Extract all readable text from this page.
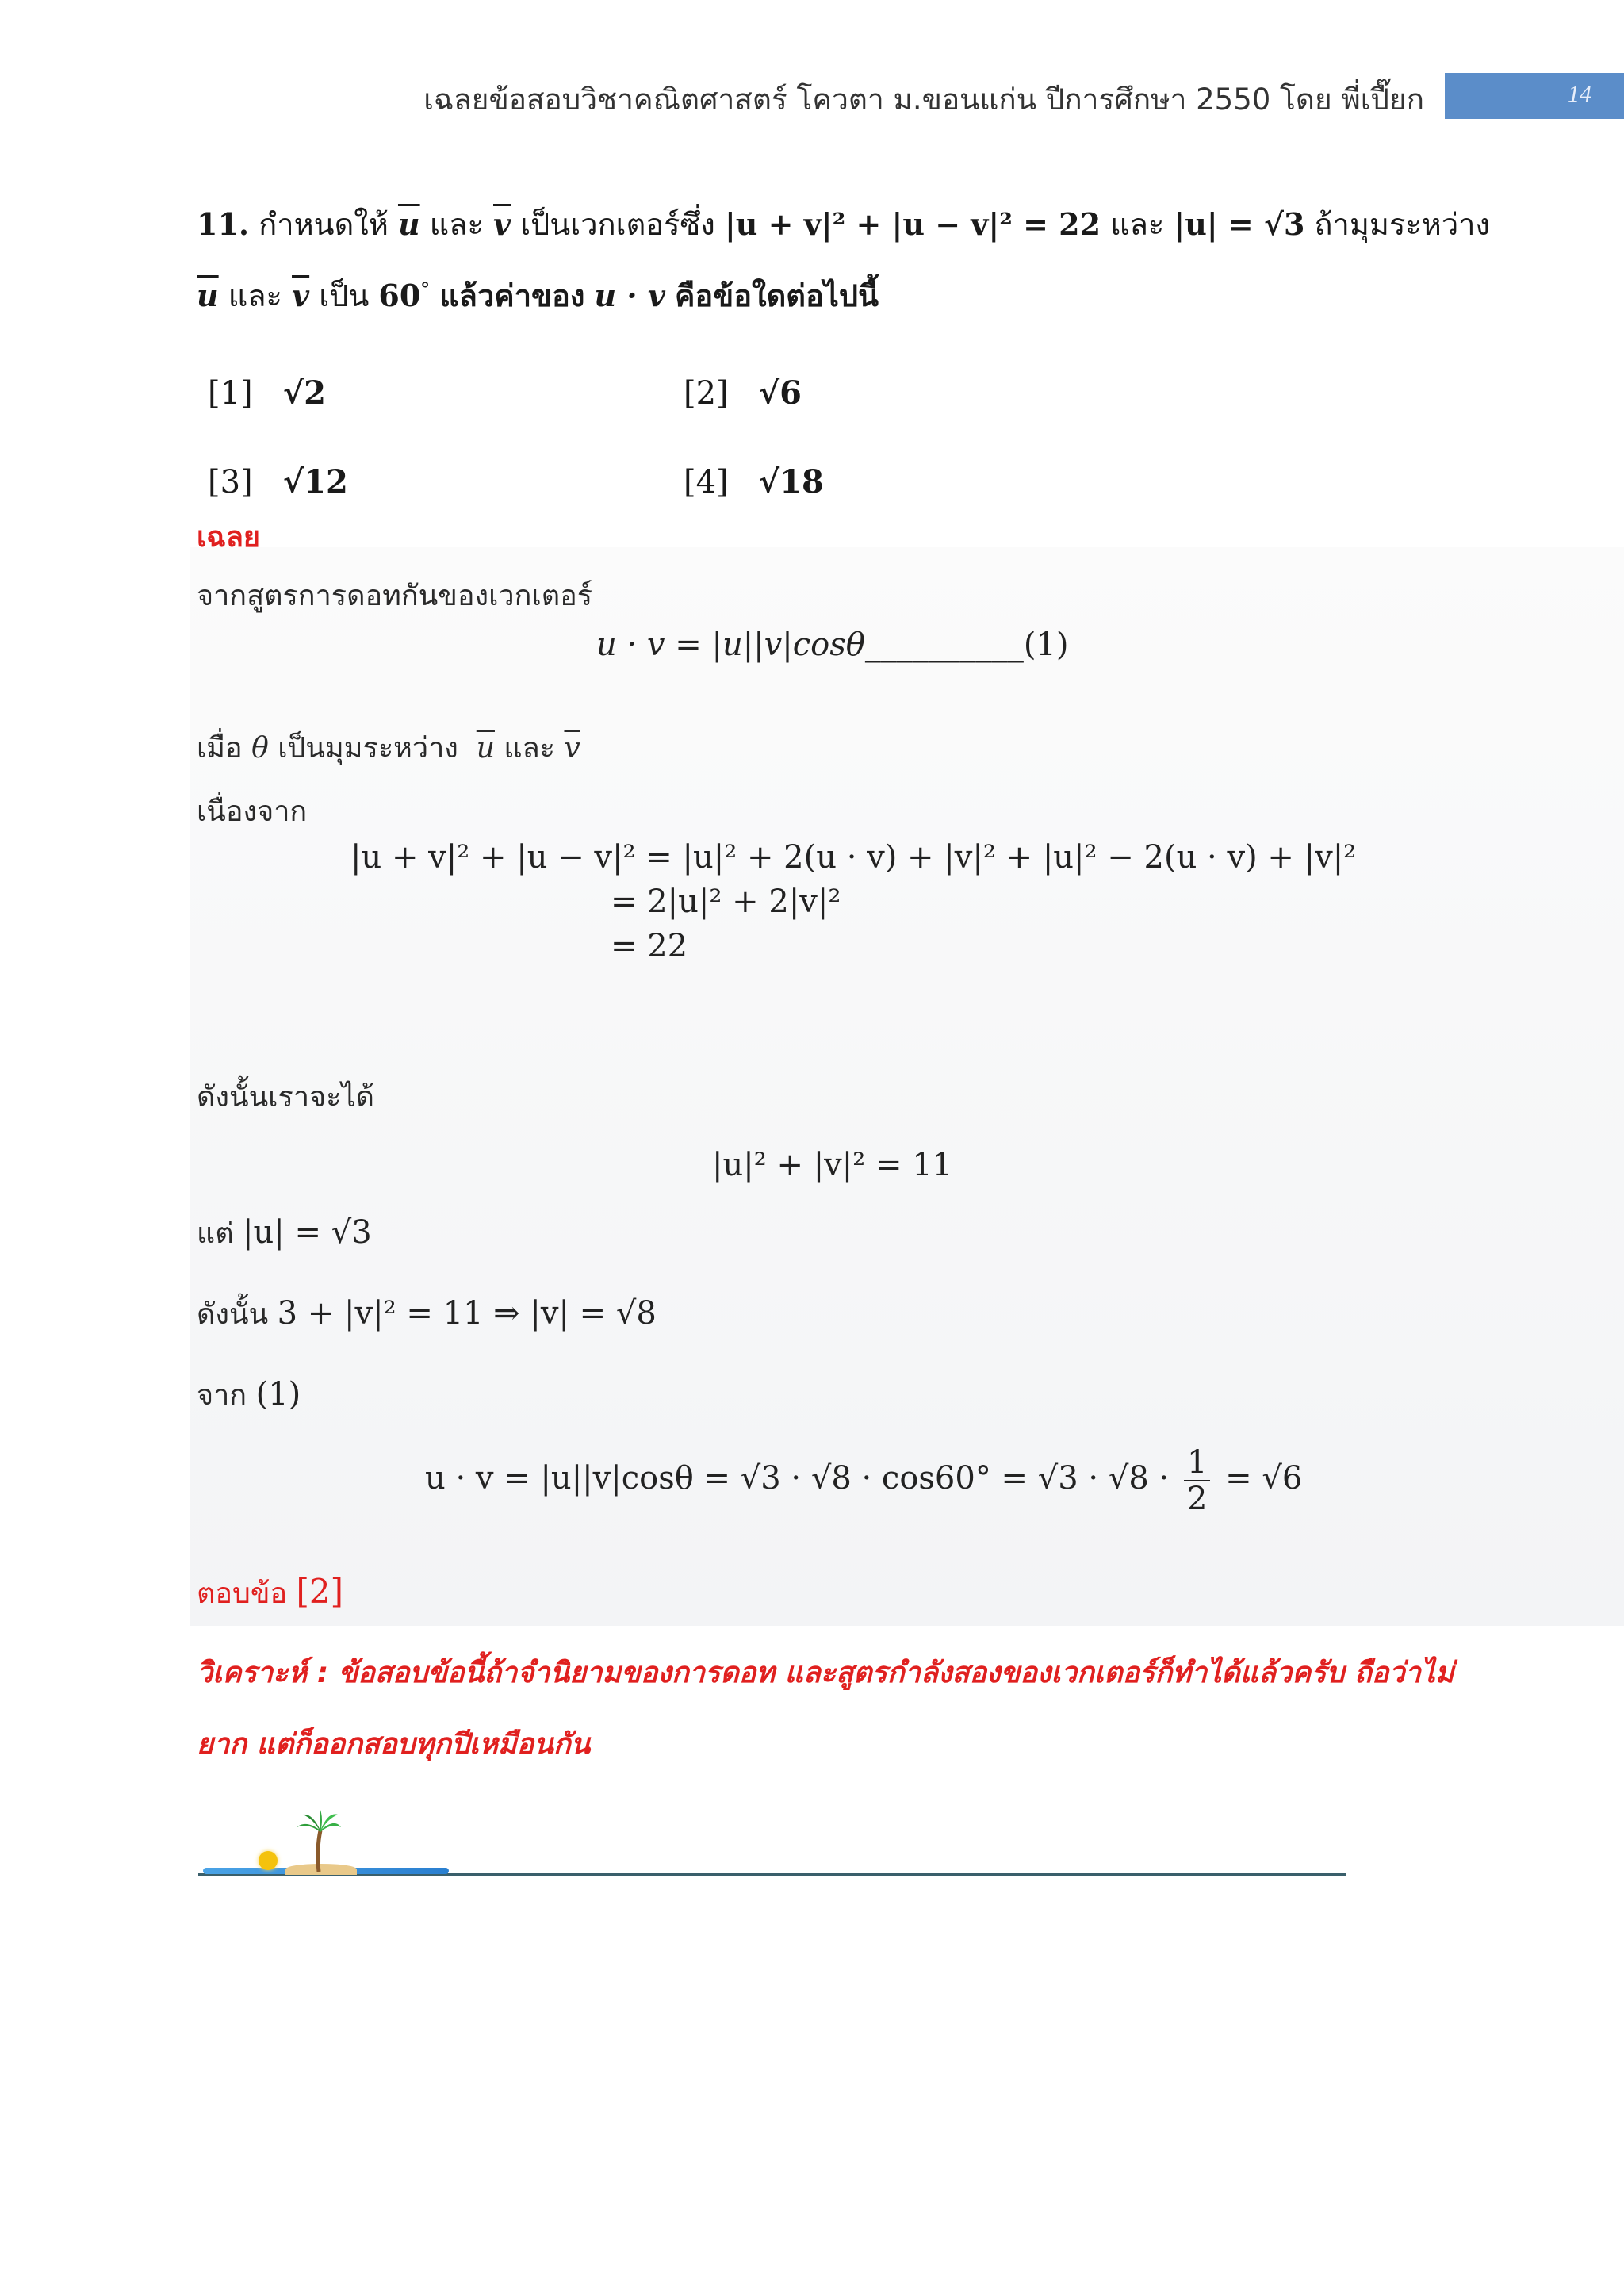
เฉลยข้อสอบวิชาคณิตศาสตร์ โควตา ม.ขอนแก่น ปีการศึกษา 2550 โดย พี่เปี๊ยก	14
11. กำหนดให้ $\overline{u}$ และ $\overline{v}$ เป็นเวกเตอร์ซึ่ง |u + v|² + |u − v|² = 22 และ |u| = √3 ถ้ามุมระหว่าง
$\overline{u}$ และ $\overline{v}$ เป็น 60° แล้วค่าของ u · v คือข้อใดต่อไปนี้
[1] √2	[2] √6
[3] √12	[4] √18
เฉลย
จากสูตรการดอทกันของเวกเตอร์
u · v = |u||v|cosθ__________(1)
เมื่อ θ เป็นมุมระหว่าง $\overline{u}$ และ $\overline{v}$
เนื่องจาก
|u + v|² + |u − v|² = |u|² + 2(u · v) + |v|² + |u|² − 2(u · v) + |v|²
= 2|u|² + 2|v|²
= 22
ดังนั้นเราจะได้
|u|² + |v|² = 11
แต่ |u| = √3
ดังนั้น 3 + |v|² = 11 ⇒ |v| = √8
จาก (1)
$u \cdot v = |u||v|\cos\theta = √3 \cdot √8 \cdot \cos 60^\circ = √3 \cdot √8 \cdot \frac{1}{2} = √6$
ตอบข้อ [2]
วิเคราะห์ : ข้อสอบข้อนี้ถ้าจำนิยามของการดอท และสูตรกำลังสองของเวกเตอร์ก็ทำได้แล้วครับ ถือว่าไม่
ยาก แต่ก็ออกสอบทุกปีเหมือนกัน
